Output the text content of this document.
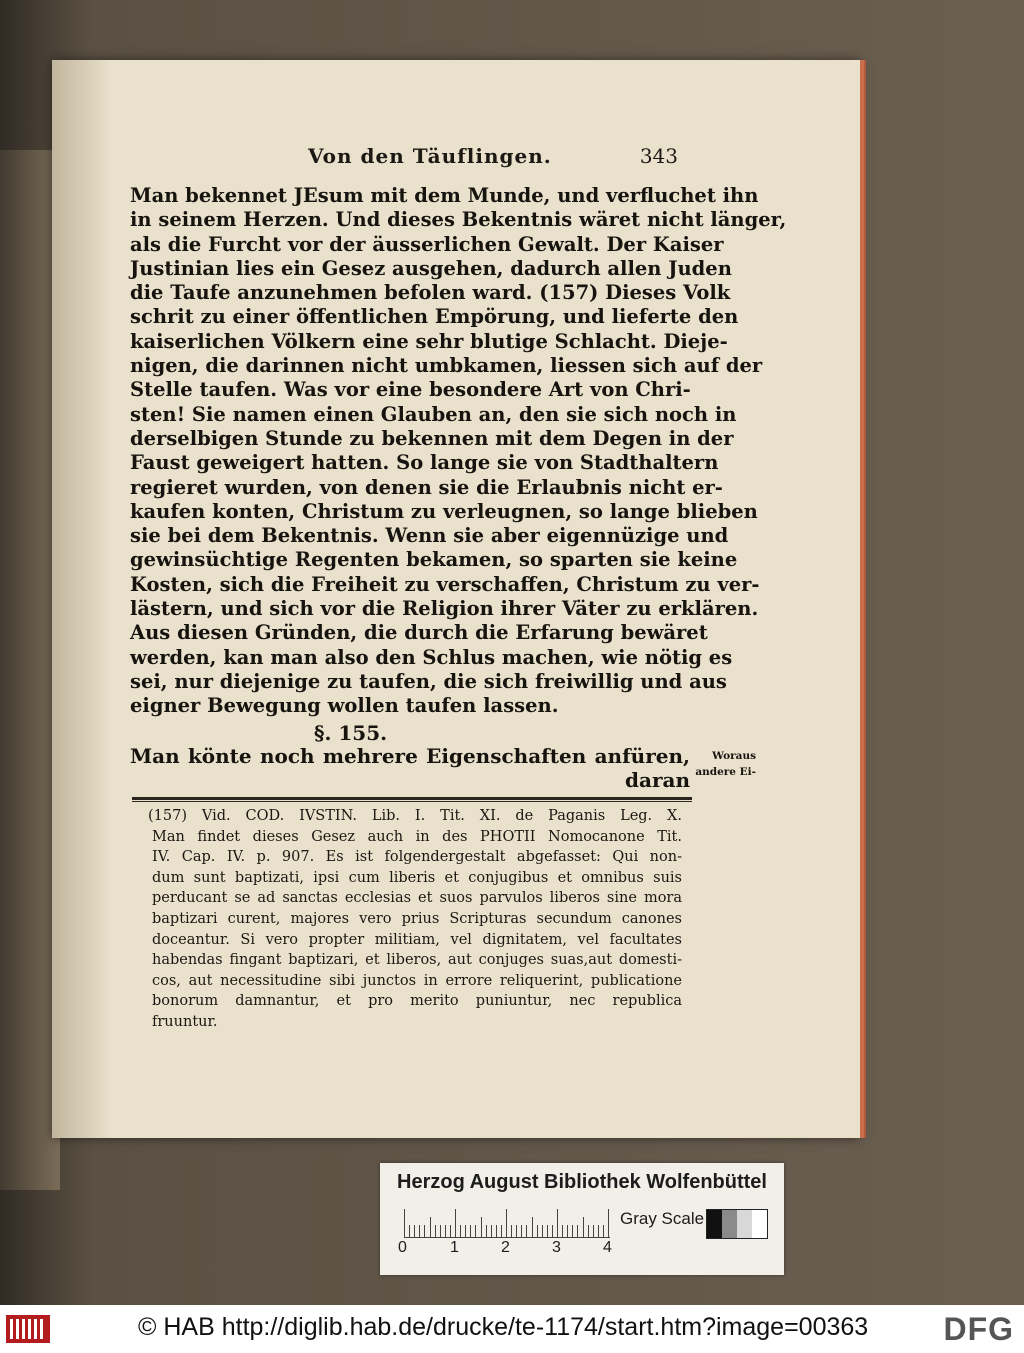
Von den Täuflingen.	343
Man bekennet JEsum mit dem Munde, und verfluchet ihn
in seinem Herzen. Und dieses Bekentnis wäret nicht länger,
als die Furcht vor der äusserlichen Gewalt. Der Kaiser
Justinian lies ein Gesez ausgehen, dadurch allen Juden
die Taufe anzunehmen befolen ward. (157) Dieses Volk
schrit zu einer öffentlichen Empörung, und lieferte den
kaiserlichen Völkern eine sehr blutige Schlacht. Dieje-
nigen, die darinnen nicht umbkamen, liessen sich auf der
Stelle taufen. Was vor eine besondere Art von Chri-
sten! Sie namen einen Glauben an, den sie sich noch in
derselbigen Stunde zu bekennen mit dem Degen in der
Faust geweigert hatten. So lange sie von Stadthaltern
regieret wurden, von denen sie die Erlaubnis nicht er-
kaufen konten, Christum zu verleugnen, so lange blieben
sie bei dem Bekentnis. Wenn sie aber eigennüzige und
gewinsüchtige Regenten bekamen, so sparten sie keine
Kosten, sich die Freiheit zu verschaffen, Christum zu ver-
lästern, und sich vor die Religion ihrer Väter zu erklären.
Aus diesen Gründen, die durch die Erfarung bewäret
werden, kan man also den Schlus machen, wie nötig es
sei, nur diejenige zu taufen, die sich freiwillig und aus
eigner Bewegung wollen taufen lassen.
§. 155.
Man könte noch mehrere Eigenschaften anfüren,
daran
Woraus
andere Ei-
(157) Vid. COD. IVSTIN. Lib. I. Tit. XI. de Paganis Leg. X.
Man findet dieses Gesez auch in des PHOTII Nomocanone Tit.
IV. Cap. IV. p. 907. Es ist folgendergestalt abgefasset: Qui non-
dum sunt baptizati, ipsi cum liberis et conjugibus et omnibus suis
perducant se ad sanctas ecclesias et suos parvulos liberos sine mora
baptizari curent, majores vero prius Scripturas secundum canones
doceantur. Si vero propter militiam, vel dignitatem, vel facultates
habendas fingant baptizari, et liberos, aut conjuges suas,aut domesti-
cos, aut necessitudine sibi junctos in errore reliquerint, publicatione
bonorum damnantur, et pro merito puniuntur, nec republica
fruuntur.
Herzog August Bibliothek Wolfenbüttel
0	1	2	3	4
Gray Scale
© HAB http://diglib.hab.de/drucke/te-1174/start.htm?image=00363 DFG
